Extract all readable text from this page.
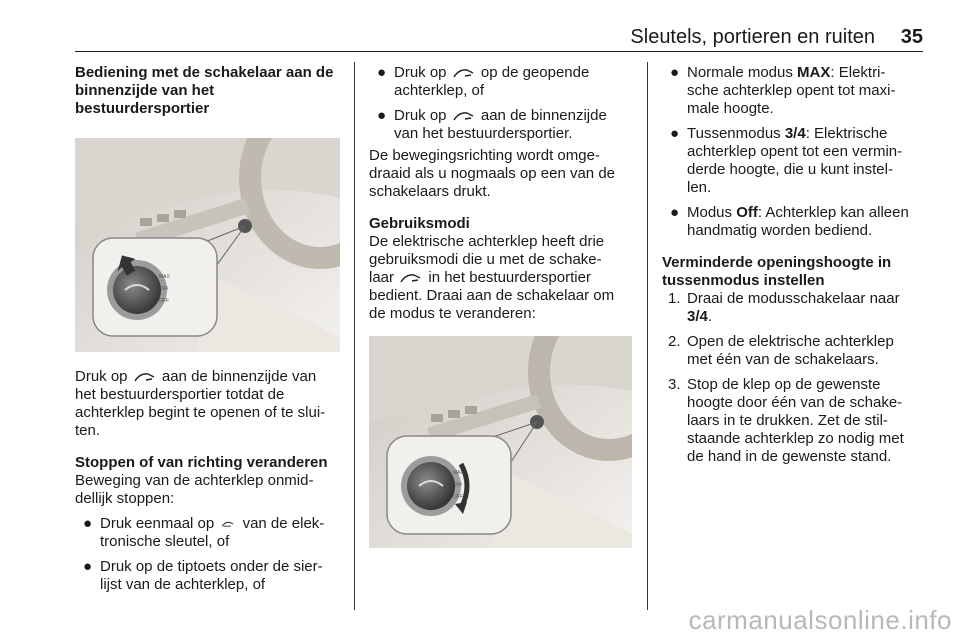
Sleutels, portieren en ruiten 35

Bediening met de schakelaar aan de
binnenzijde van het
bestuurdersportier

MAX
3/4
OFF

Druk op aan de binnenzijde van
het bestuurdersportier totdat de
achterklep begint te openen of te slui-
ten.

Stoppen of van richting veranderen

Beweging van de achterklep onmid-
dellijk stoppen:

● Druk eenmaal op van de elek-
tronische sleutel, of
● Druk op de tiptoets onder de sier-
lijst van de achterklep, of
● Druk op op de geopende
achterklep, of
● Druk op aan de binnenzijde
van het bestuurdersportier.

De bewegingsrichting wordt omge-
draaid als u nogmaals op een van de
schakelaars drukt.

Gebruiksmodi

De elektrische achterklep heeft drie
gebruiksmodi die u met de schake-
laar in het bestuurdersportier
bedient. Draai aan de schakelaar om
de modus te veranderen:

MAX
3/4
OFF
● Normale modus MAX: Elektri-
sche achterklep opent tot maxi-
male hoogte.
● Tussenmodus 3/4: Elektrische
achterklep opent tot een vermin-
derde hoogte, die u kunt instel-
len.
● Modus Off: Achterklep kan alleen
handmatig worden bediend.

Verminderde openingshoogte in
tussenmodus instellen

1. Draai de modusschakelaar naar
3/4.
2. Open de elektrische achterklep
met één van de schakelaars.
3. Stop de klep op de gewenste
hoogte door één van de schake-
laars in te drukken. Zet de stil-
staande achterklep zo nodig met
de hand in de gewenste stand.
carmanualsonline.info
